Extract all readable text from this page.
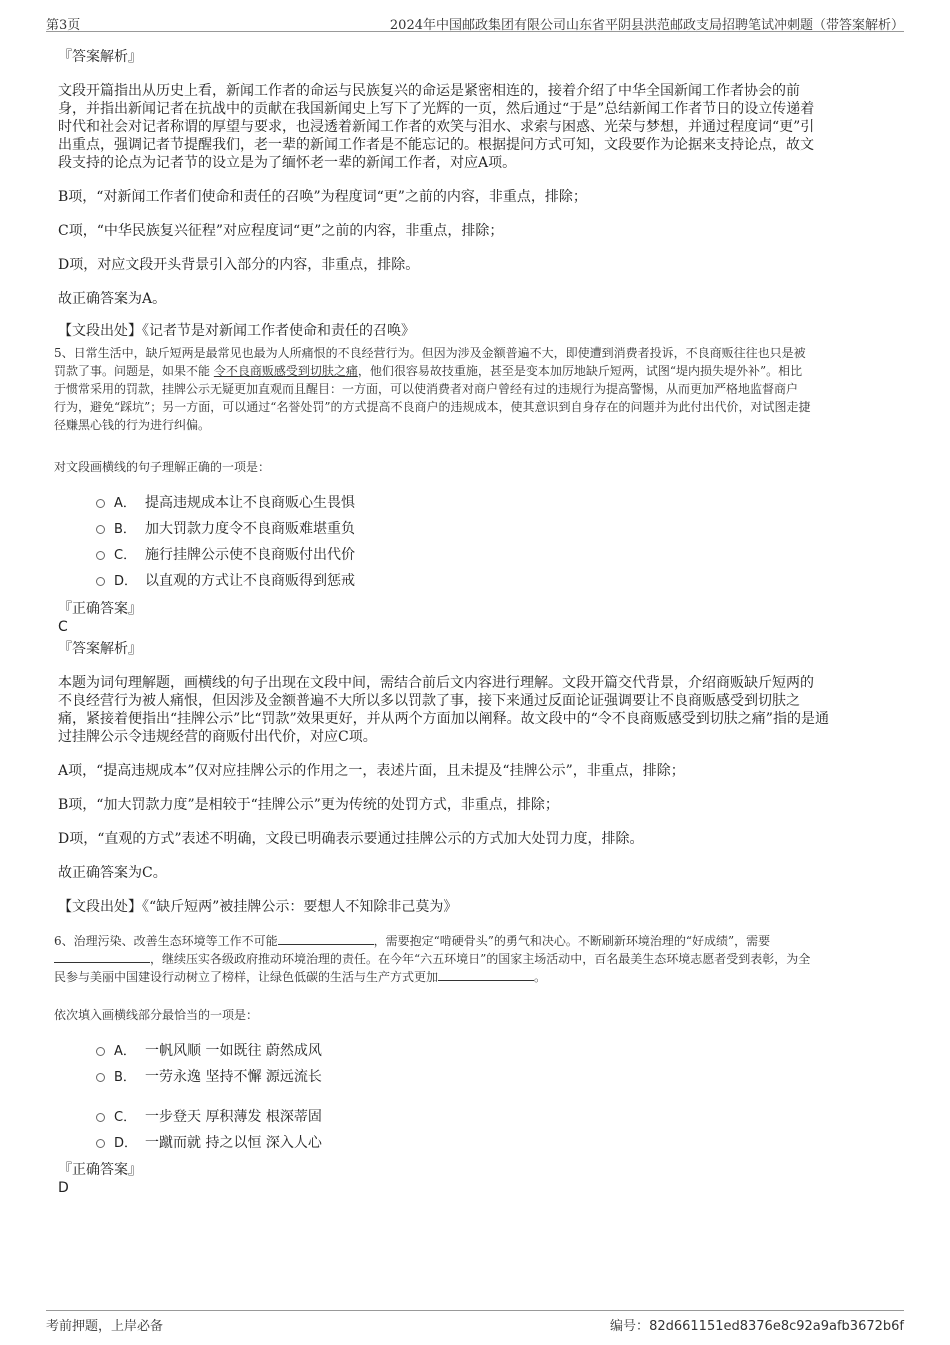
第3页	2024年中国邮政集团有限公司山东省平阴县洪范邮政支局招聘笔试冲刺题（带答案解析）
『答案解析』
文段开篇指出从历史上看，新闻工作者的命运与民族复兴的命运是紧密相连的，接着介绍了中华全国新闻工作者协会的前
身，并指出新闻记者在抗战中的贡献在我国新闻史上写下了光辉的一页，然后通过“于是”总结新闻工作者节日的设立传递着
时代和社会对记者称谓的厚望与要求，也浸透着新闻工作者的欢笑与泪水、求索与困惑、光荣与梦想，并通过程度词“更”引
出重点，强调记者节提醒我们，老一辈的新闻工作者是不能忘记的。根据提问方式可知，文段要作为论据来支持论点，故文
段支持的论点为记者节的设立是为了缅怀老一辈的新闻工作者，对应A项。
B项，“对新闻工作者们使命和责任的召唤”为程度词“更”之前的内容，非重点，排除；
C项，“中华民族复兴征程”对应程度词“更”之前的内容，非重点，排除；
D项，对应文段开头背景引入部分的内容，非重点，排除。
故正确答案为A。
【文段出处】《记者节是对新闻工作者使命和责任的召唤》
5、日常生活中，缺斤短两是最常见也最为人所痛恨的不良经营行为。但因为涉及金额普遍不大，即使遭到消费者投诉，不良商贩往往也只是被
罚款了事。问题是，如果不能 令不良商贩感受到切肤之痛，他们很容易故技重施，甚至是变本加厉地缺斤短两，试图“堤内损失堤外补”。相比
于惯常采用的罚款，挂牌公示无疑更加直观而且醒目：一方面，可以使消费者对商户曾经有过的违规行为提高警惕，从而更加严格地监督商户
行为，避免“踩坑”；另一方面，可以通过“名誉处罚”的方式提高不良商户的违规成本，使其意识到自身存在的问题并为此付出代价，对试图走捷
径赚黑心钱的行为进行纠偏。
对文段画横线的句子理解正确的一项是：
A． 提高违规成本让不良商贩心生畏惧
B． 加大罚款力度令不良商贩难堪重负
C． 施行挂牌公示使不良商贩付出代价
D． 以直观的方式让不良商贩得到惩戒
『正确答案』
C
『答案解析』
本题为词句理解题，画横线的句子出现在文段中间，需结合前后文内容进行理解。文段开篇交代背景，介绍商贩缺斤短两的
不良经营行为被人痛恨，但因涉及金额普遍不大所以多以罚款了事，接下来通过反面论证强调要让不良商贩感受到切肤之
痛，紧接着便指出“挂牌公示”比“罚款”效果更好，并从两个方面加以阐释。故文段中的“令不良商贩感受到切肤之痛”指的是通
过挂牌公示令违规经营的商贩付出代价，对应C项。
A项，“提高违规成本”仅对应挂牌公示的作用之一，表述片面，且未提及“挂牌公示”，非重点，排除；
B项，“加大罚款力度”是相较于“挂牌公示”更为传统的处罚方式，非重点，排除；
D项，“直观的方式”表述不明确，文段已明确表示要通过挂牌公示的方式加大处罚力度，排除。
故正确答案为C。
【文段出处】《“缺斤短两”被挂牌公示：要想人不知除非己莫为》
6、治理污染、改善生态环境等工作不可能	，需要抱定“啃硬骨头”的勇气和决心。不断刷新环境治理的“好成绩”，需要
，继续压实各级政府推动环境治理的责任。在今年“六五环境日”的国家主场活动中，百名最美生态环境志愿者受到表彰，为全
民参与美丽中国建设行动树立了榜样，让绿色低碳的生活与生产方式更加	。
依次填入画横线部分最恰当的一项是：
A． 一帆风顺 一如既往 蔚然成风
B． 一劳永逸 坚持不懈 源远流长
C． 一步登天 厚积薄发 根深蒂固
D． 一蹴而就 持之以恒 深入人心
『正确答案』
D
考前押题，上岸必备	编号：82d661151ed8376e8c92a9afb3672b6f
